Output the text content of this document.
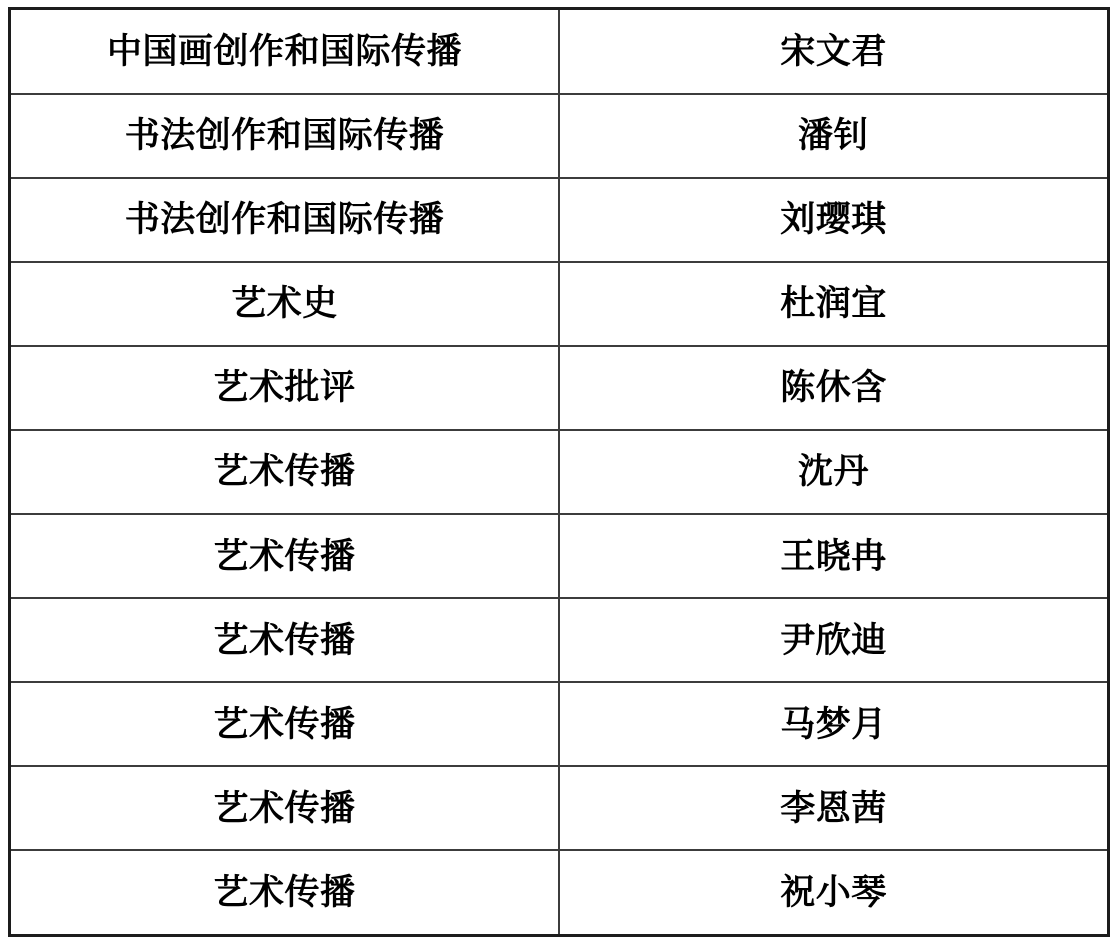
中国画创作和国际传播	宋文君
书法创作和国际传播	潘钊
书法创作和国际传播	刘璎琪
艺术史	杜润宜
艺术批评	陈休含
艺术传播	沈丹
艺术传播	王晓冉
艺术传播	尹欣迪
艺术传播	马梦月
艺术传播	李恩茜
艺术传播	祝小琴
